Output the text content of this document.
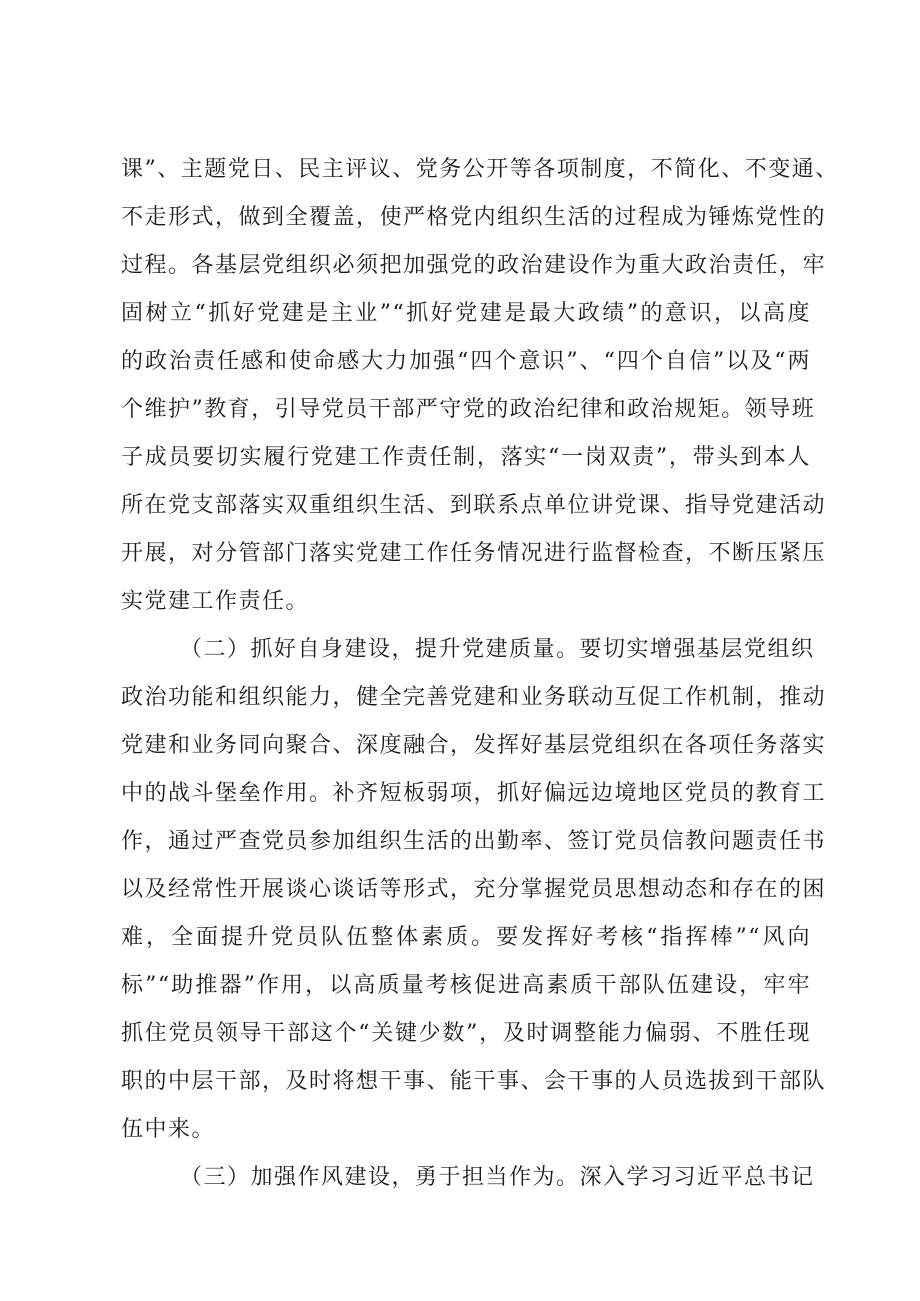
课”、主题党日、民主评议、党务公开等各项制度，不简化、不变通、
不走形式，做到全覆盖，使严格党内组织生活的过程成为锤炼党性的
过程。各基层党组织必须把加强党的政治建设作为重大政治责任，牢
固树立“抓好党建是主业”“抓好党建是最大政绩”的意识，以高度
的政治责任感和使命感大力加强“四个意识”、“四个自信”以及“两
个维护”教育，引导党员干部严守党的政治纪律和政治规矩。领导班
子成员要切实履行党建工作责任制，落实“一岗双责”，带头到本人
所在党支部落实双重组织生活、到联系点单位讲党课、指导党建活动
开展，对分管部门落实党建工作任务情况进行监督检查，不断压紧压
实党建工作责任。
（二）抓好自身建设，提升党建质量。要切实增强基层党组织
政治功能和组织能力，健全完善党建和业务联动互促工作机制，推动
党建和业务同向聚合、深度融合，发挥好基层党组织在各项任务落实
中的战斗堡垒作用。补齐短板弱项，抓好偏远边境地区党员的教育工
作，通过严查党员参加组织生活的出勤率、签订党员信教问题责任书
以及经常性开展谈心谈话等形式，充分掌握党员思想动态和存在的困
难，全面提升党员队伍整体素质。要发挥好考核“指挥棒”“风向
标”“助推器”作用，以高质量考核促进高素质干部队伍建设，牢牢
抓住党员领导干部这个“关键少数”，及时调整能力偏弱、不胜任现
职的中层干部，及时将想干事、能干事、会干事的人员选拔到干部队
伍中来。
（三）加强作风建设，勇于担当作为。深入学习习近平总书记
